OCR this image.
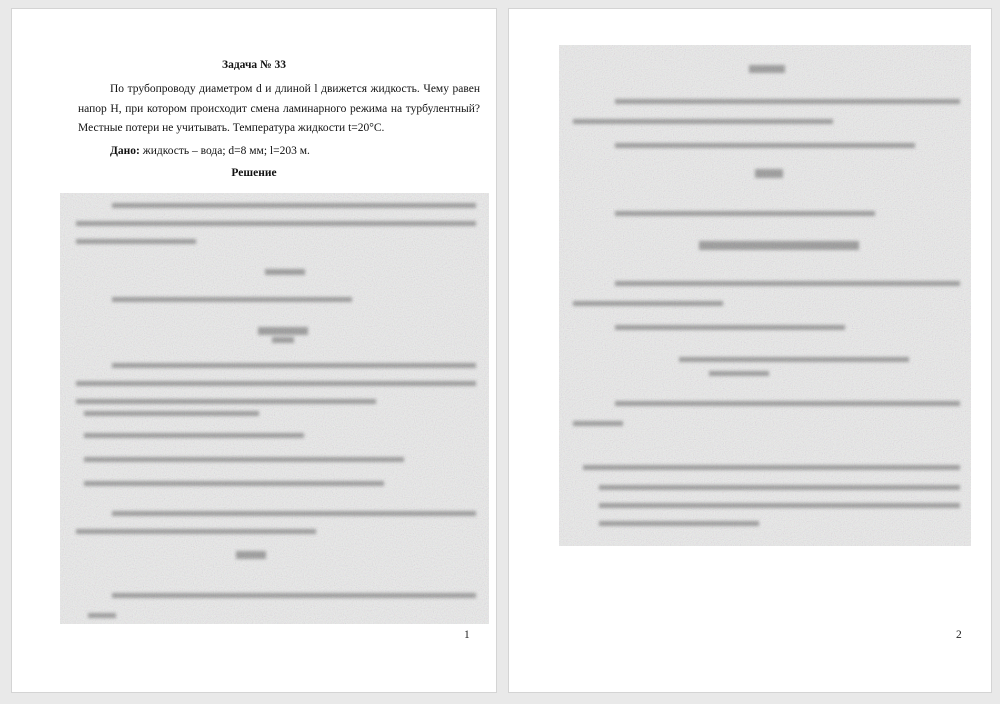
Задача № 33
По трубопроводу диаметром d и длиной l движется жидкость. Чему равен напор H, при котором происходит смена ламинарного режима на турбулентный? Местные потери не учитывать. Температура жидкости t=20°C.
Дано: жидкость – вода; d=8 мм; l=203 м.
Решение
1	2
